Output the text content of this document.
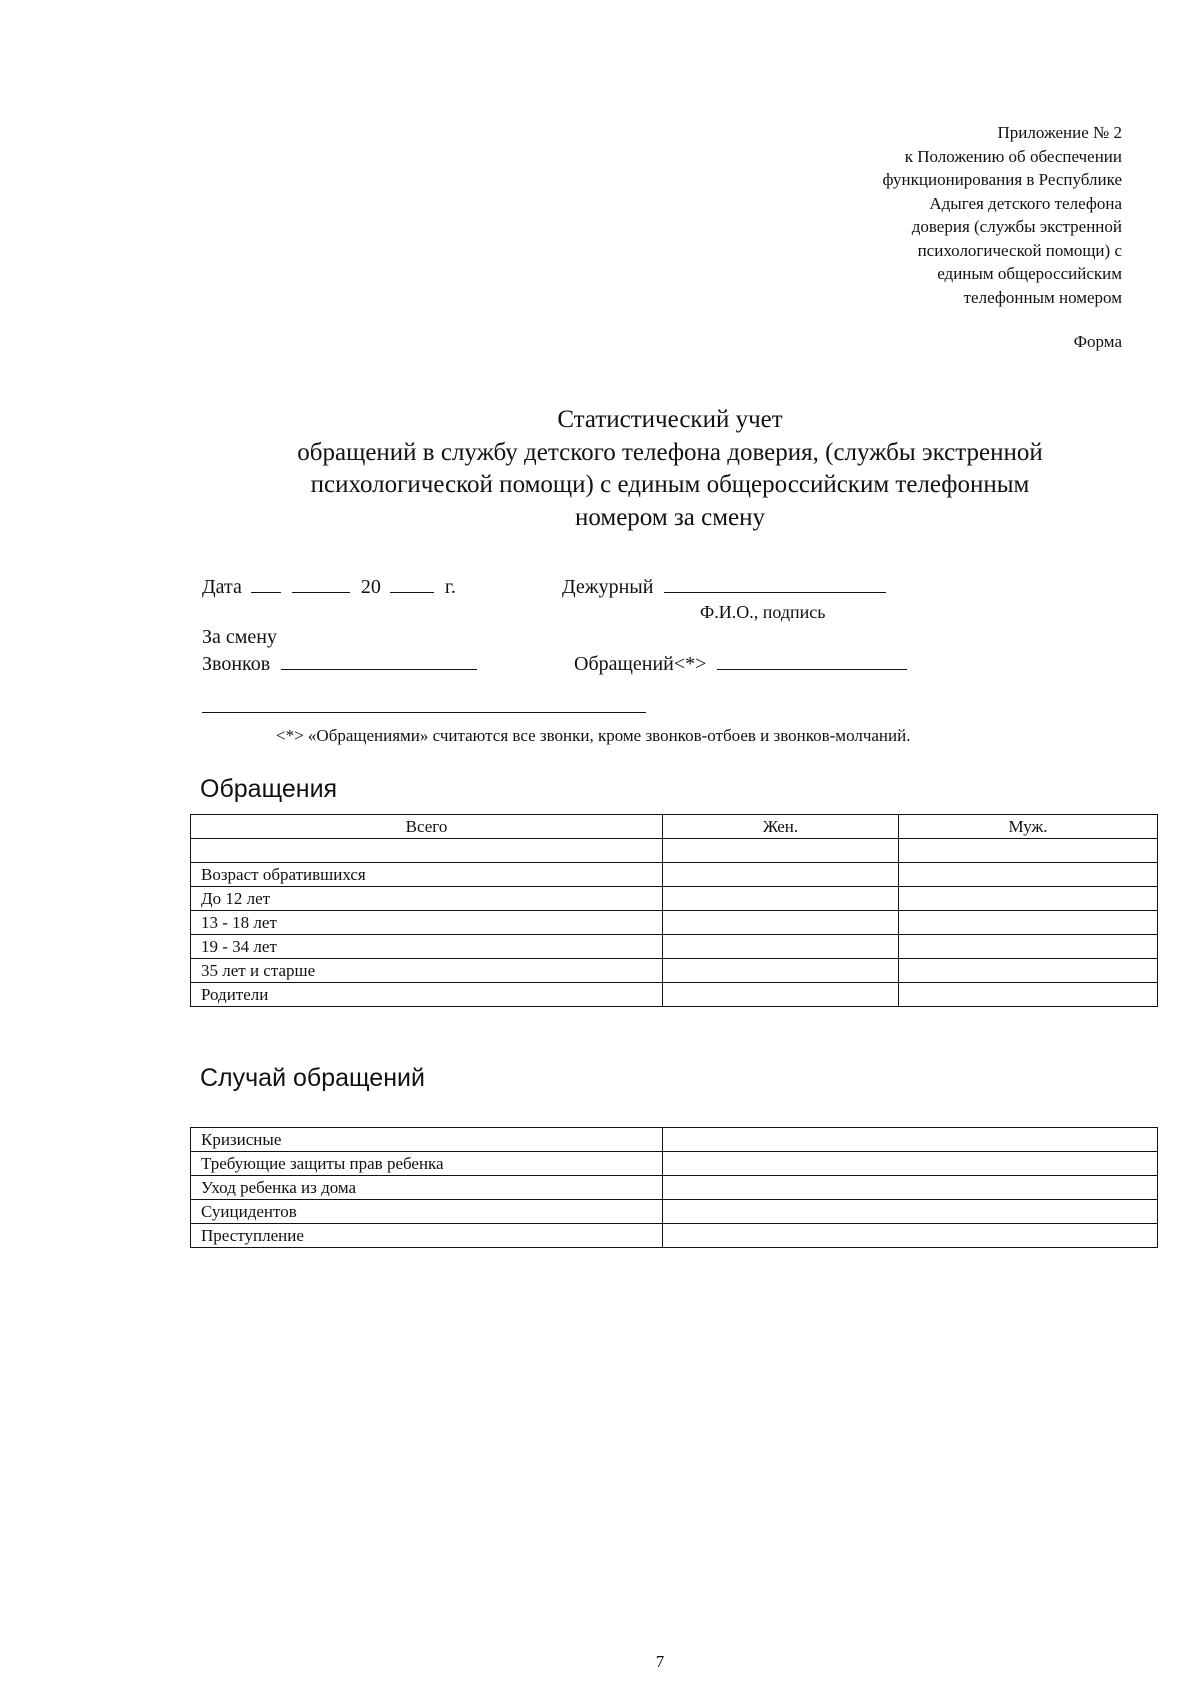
Приложение № 2
к Положению об обеспечении
функционирования в Республике
Адыгея детского телефона
доверия (службы экстренной
психологической помощи) с
единым общероссийским
телефонным номером
Форма
Статистический учет
обращений в службу детского телефона доверия, (службы экстренной
психологической помощи) с единым общероссийским телефонным
номером за смену
Дата	20	г.	Дежурный
Ф.И.О., подпись
За смену
Звонков	Обращений<*>
<*> «Обращениями» считаются все звонки, кроме звонков-отбоев и звонков-молчаний.
Обращения
Всего	Жен.	Муж.

Возраст обратившихся		
До 12 лет		
13 - 18 лет		
19 - 34 лет		
35 лет и старше		
Родители		
Случай обращений
Кризисные	
Требующие защиты прав ребенка	
Уход ребенка из дома	
Суицидентов	
Преступление	
7
